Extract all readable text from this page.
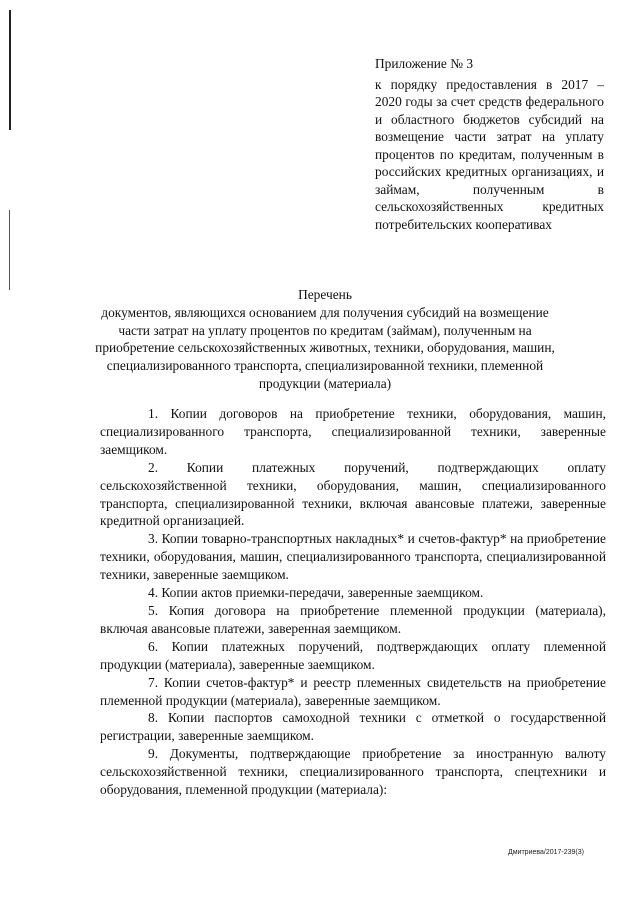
Приложение № 3
к порядку предоставления в 2017 – 2020 годы за счет средств федерального и областного бюджетов субсидий на возмещение части затрат на уплату процентов по кредитам, полученным в российских кредитных организациях, и займам, полученным в сельскохозяйственных кредитных потребительских кооперативах
Перечень
документов, являющихся основанием для получения субсидий на возмещение части затрат на уплату процентов по кредитам (займам), полученным на приобретение сельскохозяйственных животных, техники, оборудования, машин, специализированного транспорта, специализированной техники, племенной продукции (материала)

1. Копии договоров на приобретение техники, оборудования, машин, специализированного транспорта, специализированной техники, заверенные заемщиком.

2. Копии платежных поручений, подтверждающих оплату сельскохозяйственной техники, оборудования, машин, специализированного транспорта, специализированной техники, включая авансовые платежи, заверенные кредитной организацией.

3. Копии товарно-транспортных накладных* и счетов-фактур* на приобретение техники, оборудования, машин, специализированного транспорта, специализированной техники, заверенные заемщиком.

4. Копии актов приемки-передачи, заверенные заемщиком.

5. Копия договора на приобретение племенной продукции (материала), включая авансовые платежи, заверенная заемщиком.

6. Копии платежных поручений, подтверждающих оплату племенной продукции (материала), заверенные заемщиком.

7. Копии счетов-фактур* и реестр племенных свидетельств на приобретение племенной продукции (материала), заверенные заемщиком.

8. Копии паспортов самоходной техники с отметкой о государственной регистрации, заверенные заемщиком.

9. Документы, подтверждающие приобретение за иностранную валюту сельскохозяйственной техники, специализированного транспорта, спецтехники и оборудования, племенной продукции (материала):

Дмитриева/2017-239(3)
